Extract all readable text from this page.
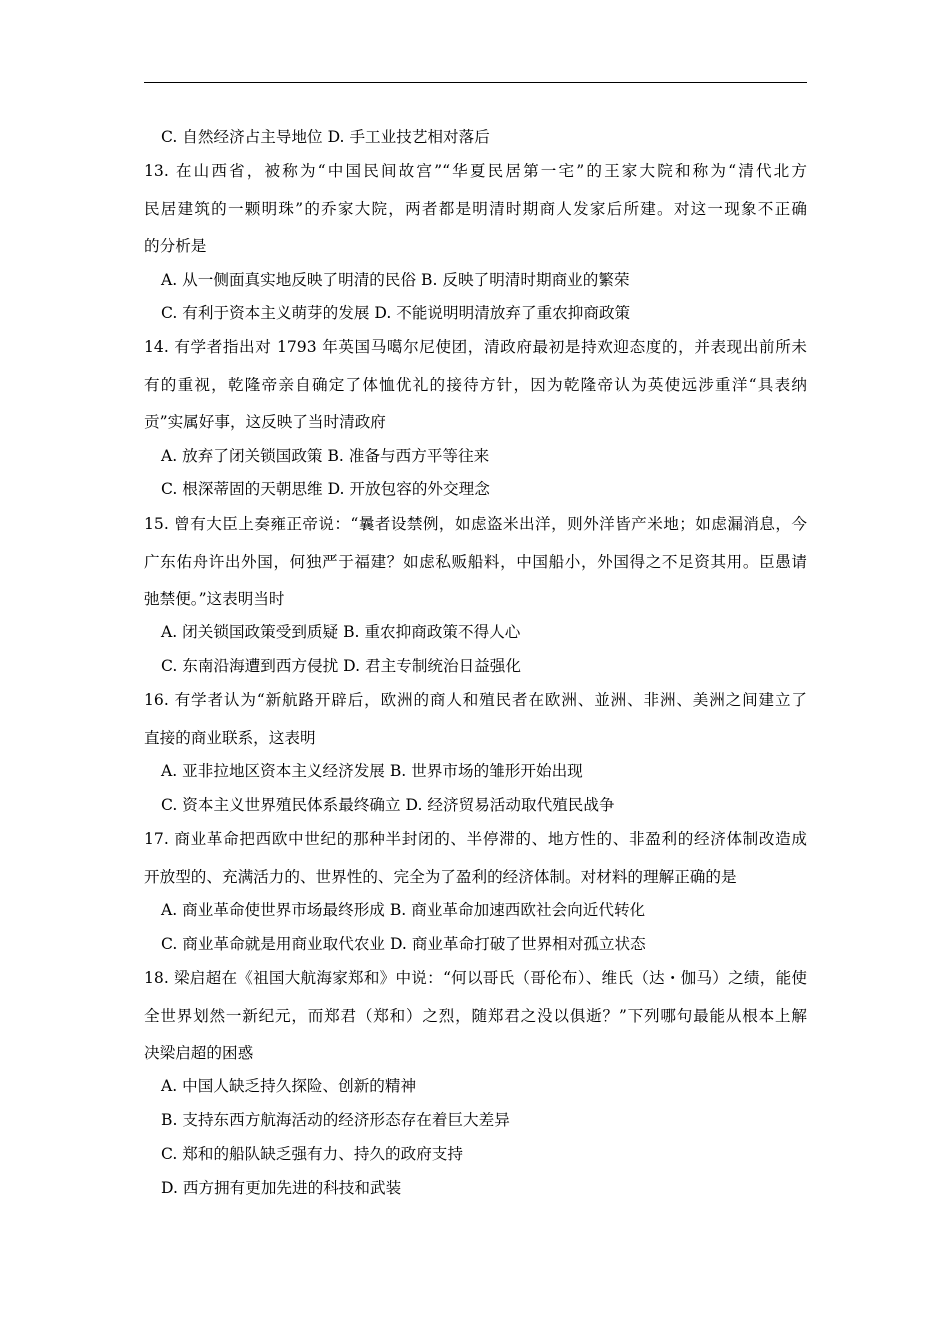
C. 自然经济占主导地位 D. 手工业技艺相对落后
13. 在山西省，被称为“中国民间故宫”“华夏民居第一宅”的王家大院和称为“清代北方
民居建筑的一颗明珠”的乔家大院，两者都是明清时期商人发家后所建。对这一现象不正确
的分析是
A. 从一侧面真实地反映了明清的民俗 B. 反映了明清时期商业的繁荣
C. 有利于资本主义萌芽的发展 D. 不能说明明清放弃了重农抑商政策
14. 有学者指出对 1793 年英国马噶尔尼使团，清政府最初是持欢迎态度的，并表现出前所未
有的重视，乾隆帝亲自确定了体恤优礼的接待方针，因为乾隆帝认为英使远涉重洋“具表纳
贡”实属好事，这反映了当时清政府
A. 放弃了闭关锁国政策 B. 准备与西方平等往来
C. 根深蒂固的天朝思维 D. 开放包容的外交理念
15. 曾有大臣上奏雍正帝说：“曩者设禁例，如虑盗米出洋，则外洋皆产米地；如虑漏消息，今
广东佑舟许出外国，何独严于福建？如虑私贩船料，中国船小，外国得之不足资其用。臣愚请
弛禁便。”这表明当时
A. 闭关锁国政策受到质疑 B. 重农抑商政策不得人心
C. 东南沿海遭到西方侵扰 D. 君主专制统治日益强化
16. 有学者认为“新航路开辟后，欧洲的商人和殖民者在欧洲、並洲、非洲、美洲之间建立了
直接的商业联系，这表明
A. 亚非拉地区资本主义经济发展 B. 世界市场的雏形开始出现
C. 资本主义世界殖民体系最终确立 D. 经济贸易活动取代殖民战争
17. 商业革命把西欧中世纪的那种半封闭的、半停滞的、地方性的、非盈利的经济体制改造成
开放型的、充满活力的、世界性的、完全为了盈利的经济体制。对材料的理解正确的是
A. 商业革命使世界市场最终形成 B. 商业革命加速西欧社会向近代转化
C. 商业革命就是用商业取代农业 D. 商业革命打破了世界相对孤立状态
18. 梁启超在《祖国大航海家郑和》中说：“何以哥氏（哥伦布）、维氏（达・伽马）之绩，能使
全世界划然一新纪元，而郑君（郑和）之烈，随郑君之没以俱逝？”下列哪句最能从根本上解
决梁启超的困惑
A. 中国人缺乏持久探险、创新的精神
B. 支持东西方航海活动的经济形态存在着巨大差异
C. 郑和的船队缺乏强有力、持久的政府支持
D. 西方拥有更加先进的科技和武装
